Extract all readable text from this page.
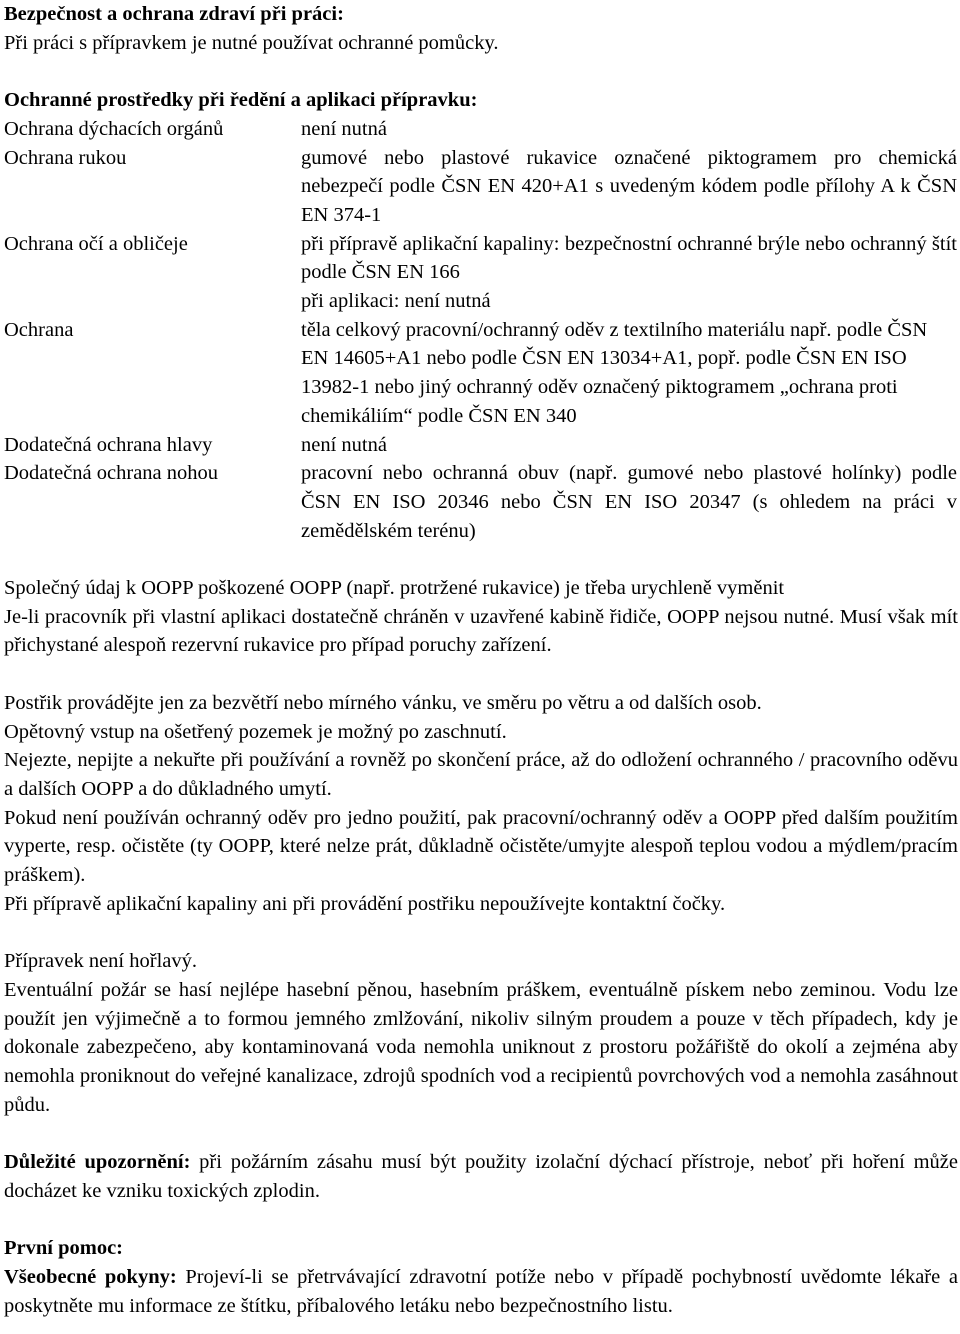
Bezpečnost a ochrana zdraví při práci:

Při práci s přípravkem je nutné používat ochranné pomůcky.

Ochranné prostředky při ředění a aplikaci přípravku:

Ochrana dýchacích orgánů	není nutná
Ochrana rukou	gumové nebo plastové rukavice označené piktogramem pro chemická nebezpečí podle ČSN EN 420+A1 s uvedeným kódem podle přílohy A k ČSN EN 374-1
Ochrana očí a obličeje	při přípravě aplikační kapaliny: bezpečnostní ochranné brýle nebo ochranný štít podle ČSN EN 166
při aplikaci: není nutná
Ochrana	těla celkový pracovní/ochranný oděv z textilního materiálu např. podle ČSN EN 14605+A1 nebo podle ČSN EN 13034+A1, popř. podle ČSN EN ISO 13982-1 nebo jiný ochranný oděv označený piktogramem „ochrana proti chemikáliím“ podle ČSN EN 340
Dodatečná ochrana hlavy	není nutná
Dodatečná ochrana nohou	pracovní nebo ochranná obuv (např. gumové nebo plastové holínky) podle ČSN EN ISO 20346 nebo ČSN EN ISO 20347 (s ohledem na práci v zemědělském terénu)

Společný údaj k OOPP poškozené OOPP (např. protržené rukavice) je třeba urychleně vyměnit

Je-li pracovník při vlastní aplikaci dostatečně chráněn v uzavřené kabině řidiče, OOPP nejsou nutné. Musí však mít přichystané alespoň rezervní rukavice pro případ poruchy zařízení.

Postřik provádějte jen za bezvětří nebo mírného vánku, ve směru po větru a od dalších osob.

Opětovný vstup na ošetřený pozemek je možný po zaschnutí.

Nejezte, nepijte a nekuřte při používání a rovněž po skončení práce, až do odložení ochranného / pracovního oděvu a dalších OOPP a do důkladného umytí.

Pokud není používán ochranný oděv pro jedno použití, pak pracovní/ochranný oděv a OOPP před dalším použitím vyperte, resp. očistěte (ty OOPP, které nelze prát, důkladně očistěte/umyjte alespoň teplou vodou a mýdlem/pracím práškem).

Při přípravě aplikační kapaliny ani při provádění postřiku nepoužívejte kontaktní čočky.

Přípravek není hořlavý.

Eventuální požár se hasí nejlépe hasební pěnou, hasebním práškem, eventuálně pískem nebo zeminou. Vodu lze použít jen výjimečně a to formou jemného zmlžování, nikoliv silným proudem a pouze v těch případech, kdy je dokonale zabezpečeno, aby kontaminovaná voda nemohla uniknout z prostoru požářiště do okolí a zejména aby nemohla proniknout do veřejné kanalizace, zdrojů spodních vod a recipientů povrchových vod a nemohla zasáhnout půdu.

Důležité upozornění: při požárním zásahu musí být použity izolační dýchací přístroje, neboť při hoření může docházet ke vzniku toxických zplodin.

První pomoc:

Všeobecné pokyny: Projeví-li se přetrvávající zdravotní potíže nebo v případě pochybností uvědomte lékaře a poskytněte mu informace ze štítku, příbalového letáku nebo bezpečnostního listu.
